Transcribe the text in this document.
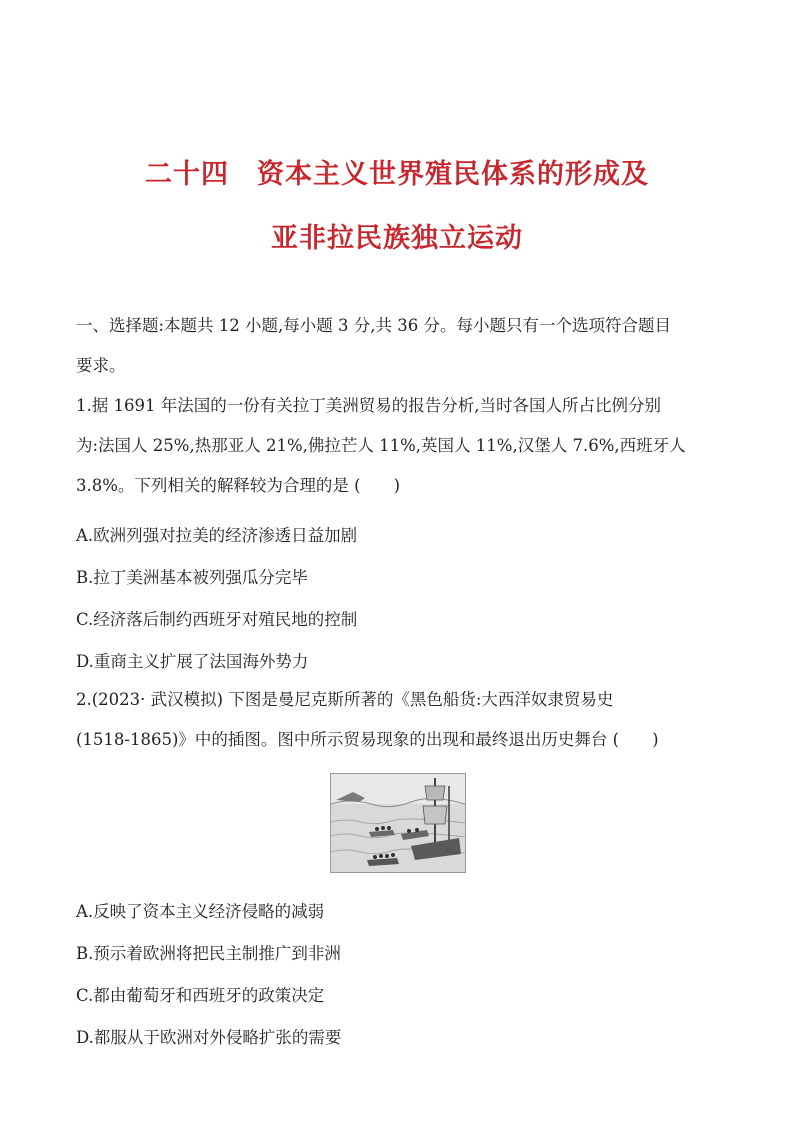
二十四　资本主义世界殖民体系的形成及
亚非拉民族独立运动
一、选择题:本题共 12 小题,每小题 3 分,共 36 分。每小题只有一个选项符合题目
要求。
1.据 1691 年法国的一份有关拉丁美洲贸易的报告分析,当时各国人所占比例分别
为:法国人 25%,热那亚人 21%,佛拉芒人 11%,英国人 11%,汉堡人 7.6%,西班牙人
3.8%。下列相关的解释较为合理的是 (　　)

A.欧洲列强对拉美的经济渗透日益加剧

B.拉丁美洲基本被列强瓜分完毕

C.经济落后制约西班牙对殖民地的控制

D.重商主义扩展了法国海外势力

2.(2023· 武汉模拟) 下图是曼尼克斯所著的《黑色船货:大西洋奴隶贸易史
(1518-1865)》中的插图。图中所示贸易现象的出现和最终退出历史舞台 (　　)

A.反映了资本主义经济侵略的减弱

B.预示着欧洲将把民主制推广到非洲

C.都由葡萄牙和西班牙的政策决定

D.都服从于欧洲对外侵略扩张的需要
